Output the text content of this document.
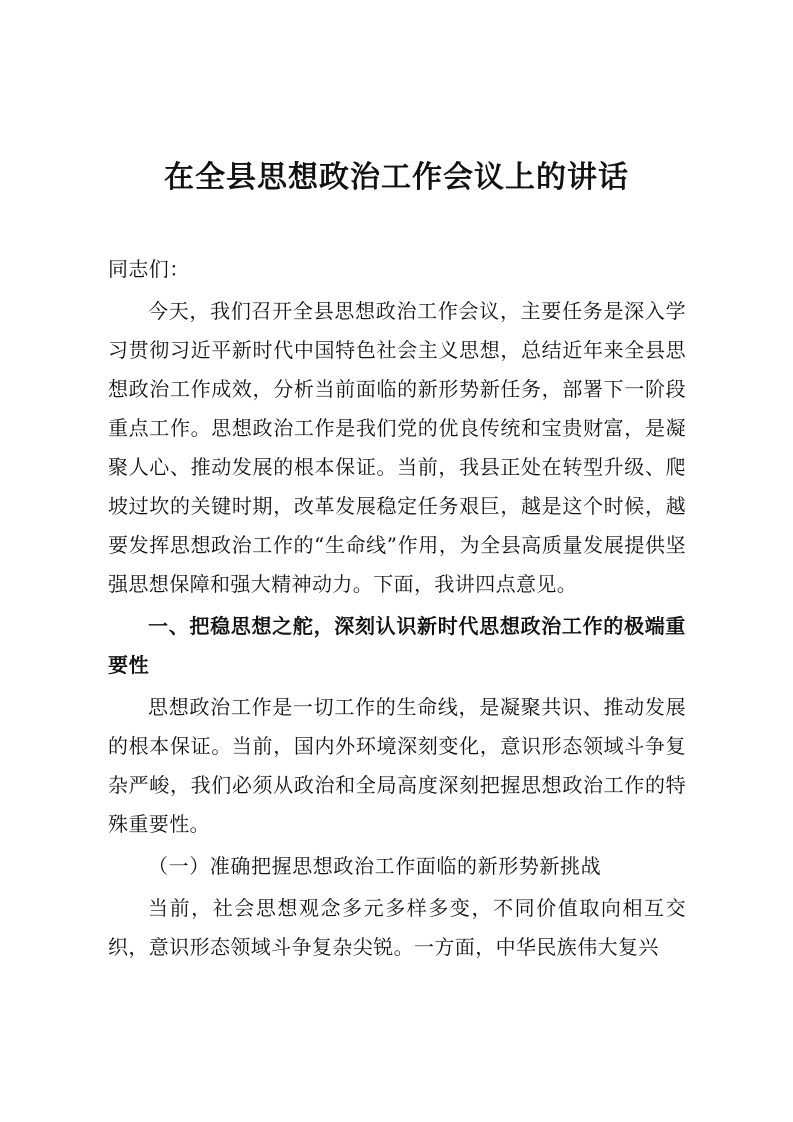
在全县思想政治工作会议上的讲话

同志们：

今天，我们召开全县思想政治工作会议，主要任务是深入学习贯彻习近平新时代中国特色社会主义思想，总结近年来全县思想政治工作成效，分析当前面临的新形势新任务，部署下一阶段重点工作。思想政治工作是我们党的优良传统和宝贵财富，是凝聚人心、推动发展的根本保证。当前，我县正处在转型升级、爬坡过坎的关键时期，改革发展稳定任务艰巨，越是这个时候，越要发挥思想政治工作的“生命线”作用，为全县高质量发展提供坚强思想保障和强大精神动力。下面，我讲四点意见。

一、把稳思想之舵，深刻认识新时代思想政治工作的极端重要性

思想政治工作是一切工作的生命线，是凝聚共识、推动发展的根本保证。当前，国内外环境深刻变化，意识形态领域斗争复杂严峻，我们必须从政治和全局高度深刻把握思想政治工作的特殊重要性。

（一）准确把握思想政治工作面临的新形势新挑战

当前，社会思想观念多元多样多变，不同价值取向相互交织，意识形态领域斗争复杂尖锐。一方面，中华民族伟大复兴
